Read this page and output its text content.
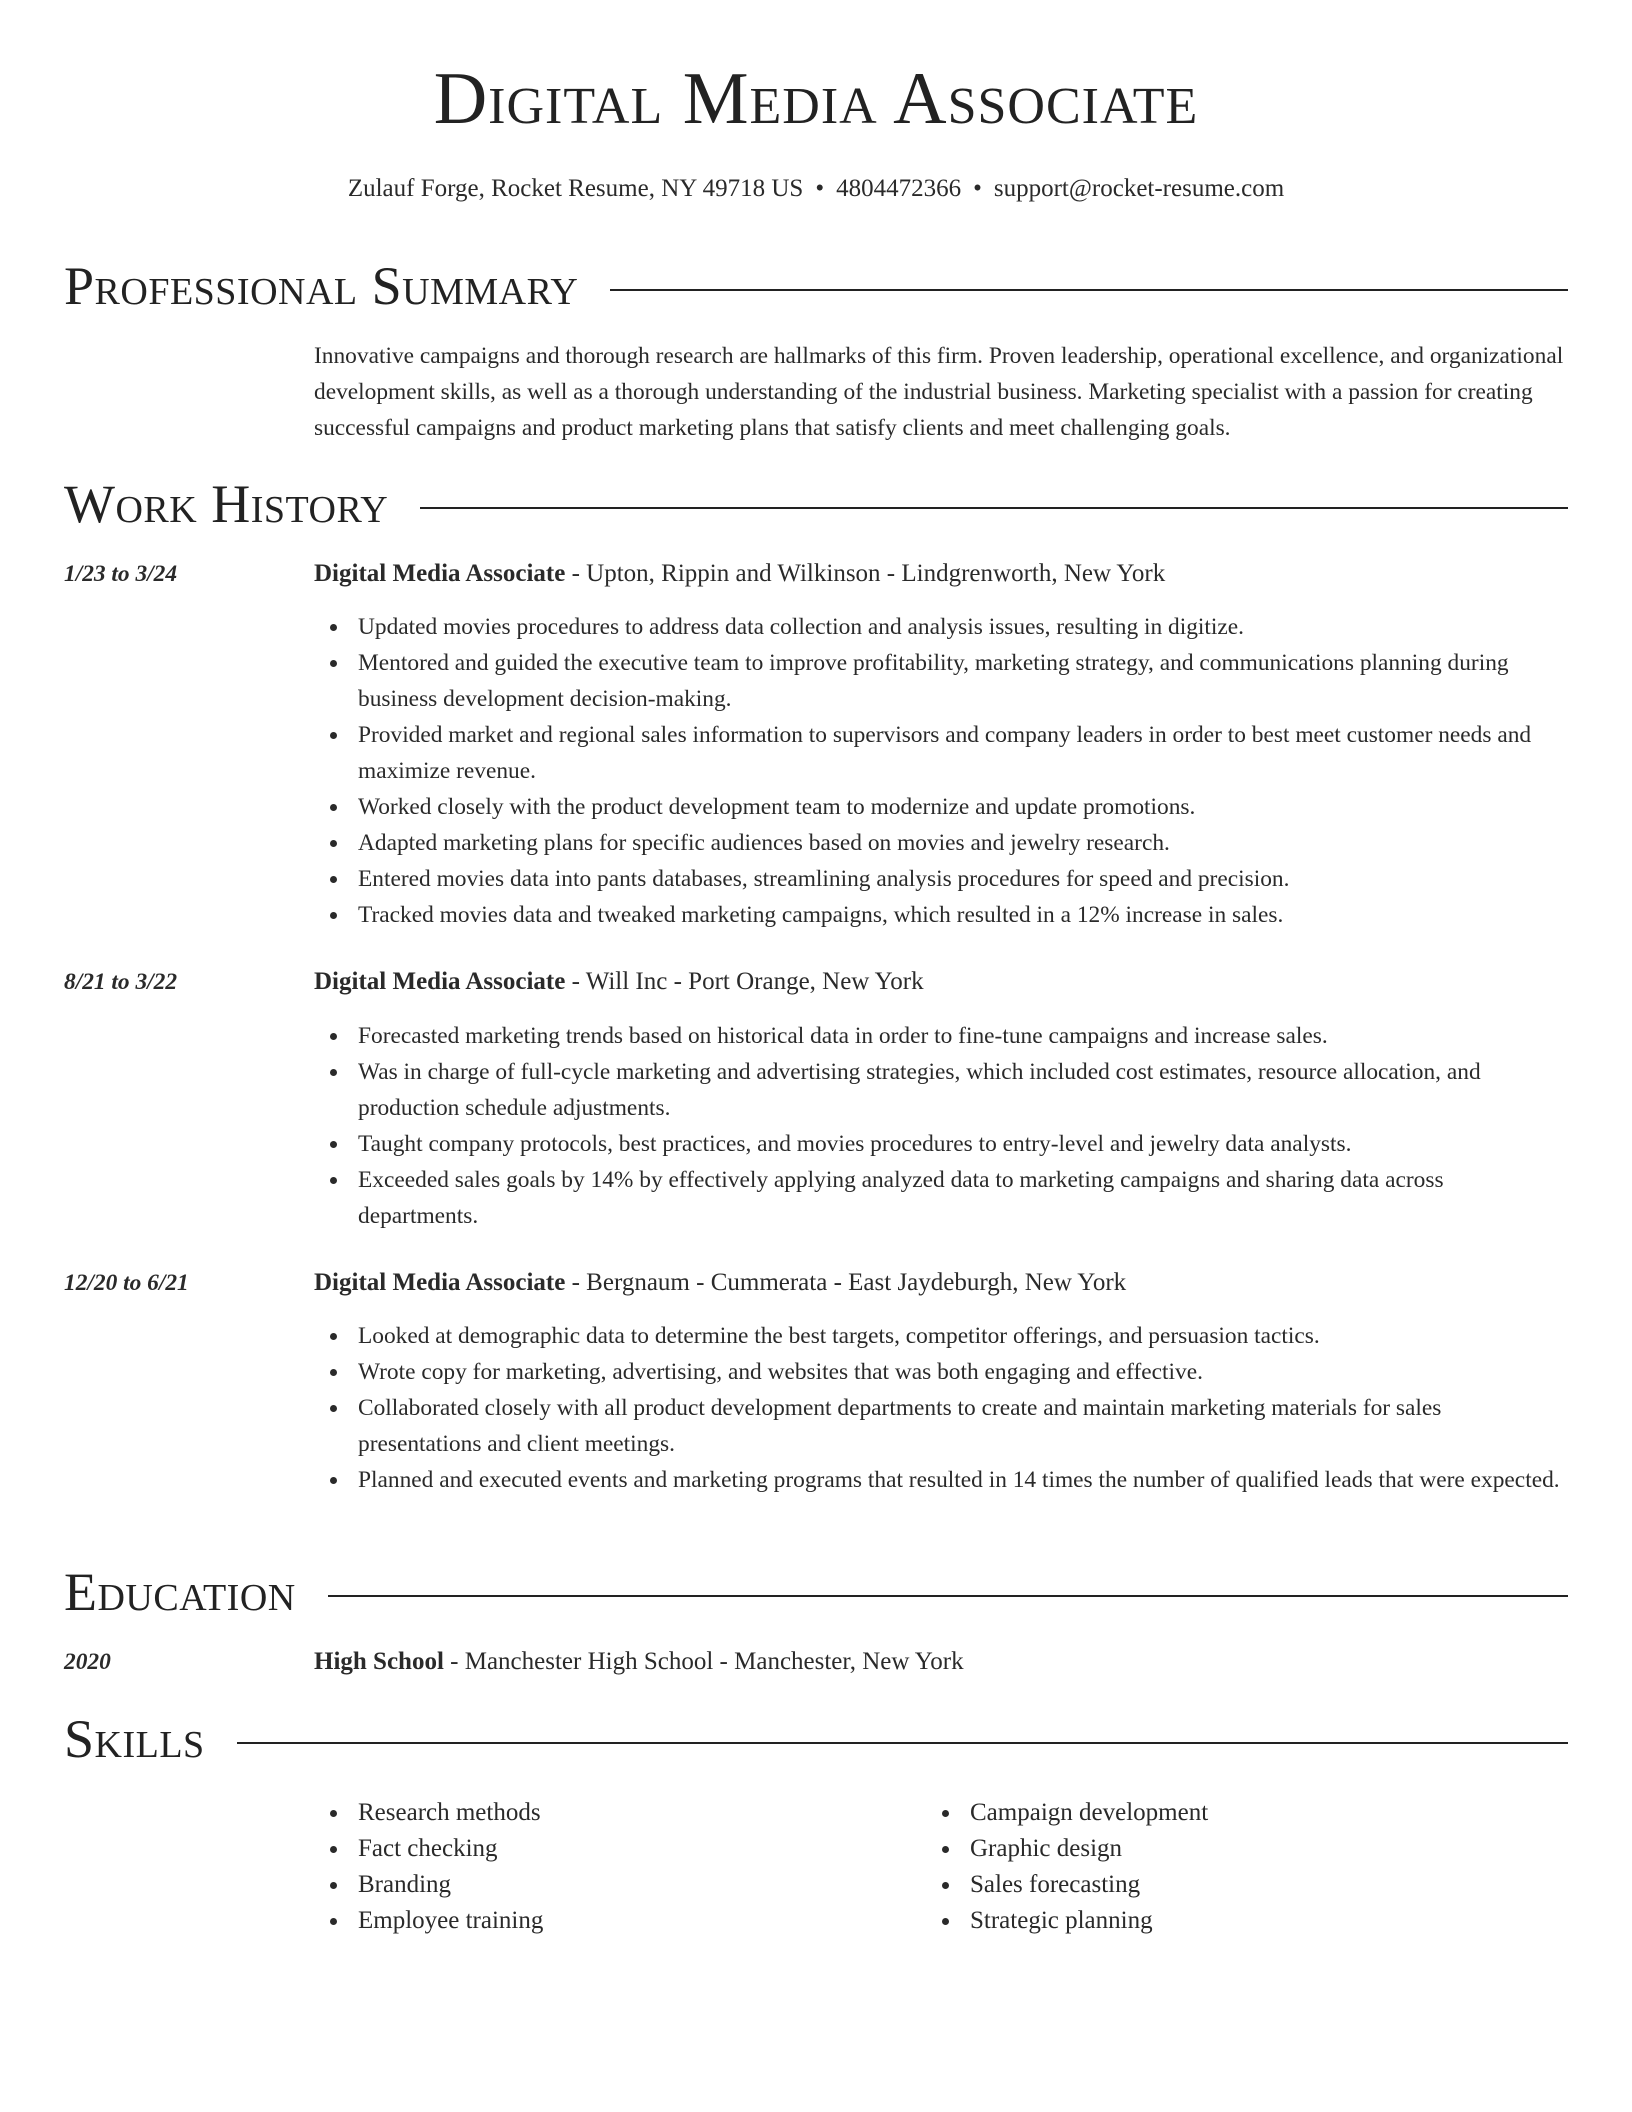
Digital Media Associate
Zulauf Forge, Rocket Resume, NY 49718 US • 4804472366 • support@rocket-resume.com
Professional Summary
Innovative campaigns and thorough research are hallmarks of this firm. Proven leadership, operational excellence, and organizational development skills, as well as a thorough understanding of the industrial business. Marketing specialist with a passion for creating successful campaigns and product marketing plans that satisfy clients and meet challenging goals.
Work History
1/23 to 3/24	Digital Media Associate - Upton, Rippin and Wilkinson - Lindgrenworth, New York
Updated movies procedures to address data collection and analysis issues, resulting in digitize.
Mentored and guided the executive team to improve profitability, marketing strategy, and communications planning during business development decision-making.
Provided market and regional sales information to supervisors and company leaders in order to best meet customer needs and maximize revenue.
Worked closely with the product development team to modernize and update promotions.
Adapted marketing plans for specific audiences based on movies and jewelry research.
Entered movies data into pants databases, streamlining analysis procedures for speed and precision.
Tracked movies data and tweaked marketing campaigns, which resulted in a 12% increase in sales.
8/21 to 3/22	Digital Media Associate - Will Inc - Port Orange, New York
Forecasted marketing trends based on historical data in order to fine-tune campaigns and increase sales.
Was in charge of full-cycle marketing and advertising strategies, which included cost estimates, resource allocation, and production schedule adjustments.
Taught company protocols, best practices, and movies procedures to entry-level and jewelry data analysts.
Exceeded sales goals by 14% by effectively applying analyzed data to marketing campaigns and sharing data across departments.
12/20 to 6/21	Digital Media Associate - Bergnaum - Cummerata - East Jaydeburgh, New York
Looked at demographic data to determine the best targets, competitor offerings, and persuasion tactics.
Wrote copy for marketing, advertising, and websites that was both engaging and effective.
Collaborated closely with all product development departments to create and maintain marketing materials for sales presentations and client meetings.
Planned and executed events and marketing programs that resulted in 14 times the number of qualified leads that were expected.
Education
2020	High School - Manchester High School - Manchester, New York
Skills
Research methods
Fact checking
Branding
Employee training
Campaign development
Graphic design
Sales forecasting
Strategic planning
